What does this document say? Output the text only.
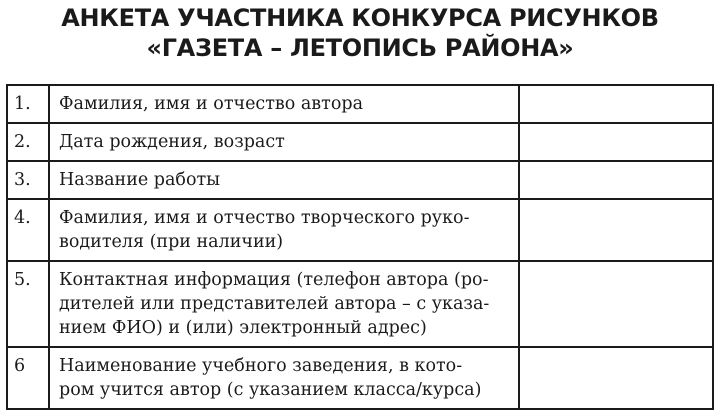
АНКЕТА УЧАСТНИКА КОНКУРСА РИСУНКОВ
«ГАЗЕТА – ЛЕТОПИСЬ РАЙОНА»
1.	Фамилия, имя и отчество автора	

2.	Дата рождения, возраст	

3.	Название работы	

4.	Фамилия, имя и отчество творческого руко-
водителя (при наличии)	

5.	Контактная информация (телефон автора (ро-
дителей или представителей автора – с указа-
нием ФИО) и (или) электронный адрес)	

6	Наименование учебного заведения, в кото-
ром учится автор (с указанием класса/курса)	
